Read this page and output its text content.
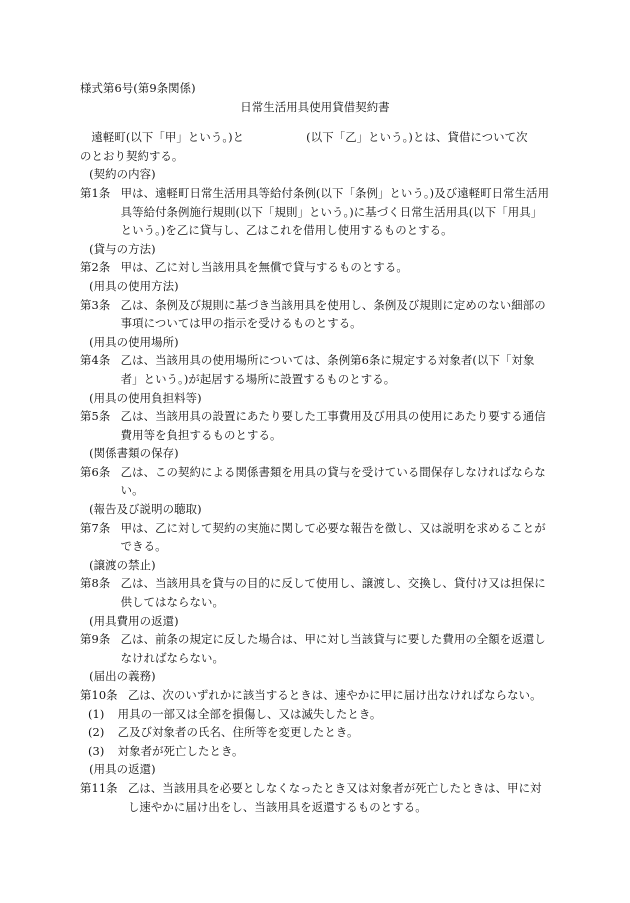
様式第6号(第9条関係)

日常生活用具使用貸借契約書

遠軽町(以下「甲」という。)と	(以下「乙」という。)とは、貸借について次
のとおり契約する。

(契約の内容)

第1条 甲は、遠軽町日常生活用具等給付条例(以下「条例」という。)及び遠軽町日常生活用具等給付条例施行規則(以下「規則」という。)に基づく日常生活用具(以下「用具」という。)を乙に貸与し、乙はこれを借用し使用するものとする。

(貸与の方法)

第2条 甲は、乙に対し当該用具を無償で貸与するものとする。

(用具の使用方法)

第3条 乙は、条例及び規則に基づき当該用具を使用し、条例及び規則に定めのない細部の事項については甲の指示を受けるものとする。

(用具の使用場所)

第4条 乙は、当該用具の使用場所については、条例第6条に規定する対象者(以下「対象者」という。)が起居する場所に設置するものとする。

(用具の使用負担料等)

第5条 乙は、当該用具の設置にあたり要した工事費用及び用具の使用にあたり要する通信費用等を負担するものとする。

(関係書類の保存)

第6条 乙は、この契約による関係書類を用具の貸与を受けている間保存しなければならない。

(報告及び説明の聴取)

第7条 甲は、乙に対して契約の実施に関して必要な報告を徴し、又は説明を求めることができる。

(譲渡の禁止)

第8条 乙は、当該用具を貸与の目的に反して使用し、譲渡し、交換し、貸付け又は担保に供してはならない。

(用具費用の返還)

第9条 乙は、前条の規定に反した場合は、甲に対し当該貸与に要した費用の全額を返還しなければならない。

(届出の義務)

第10条 乙は、次のいずれかに該当するときは、速やかに甲に届け出なければならない。

(1)	用具の一部又は全部を損傷し、又は滅失したとき。

(2)	乙及び対象者の氏名、住所等を変更したとき。

(3)	対象者が死亡したとき。

(用具の返還)

第11条 乙は、当該用具を必要としなくなったとき又は対象者が死亡したときは、甲に対し速やかに届け出をし、当該用具を返還するものとする。
